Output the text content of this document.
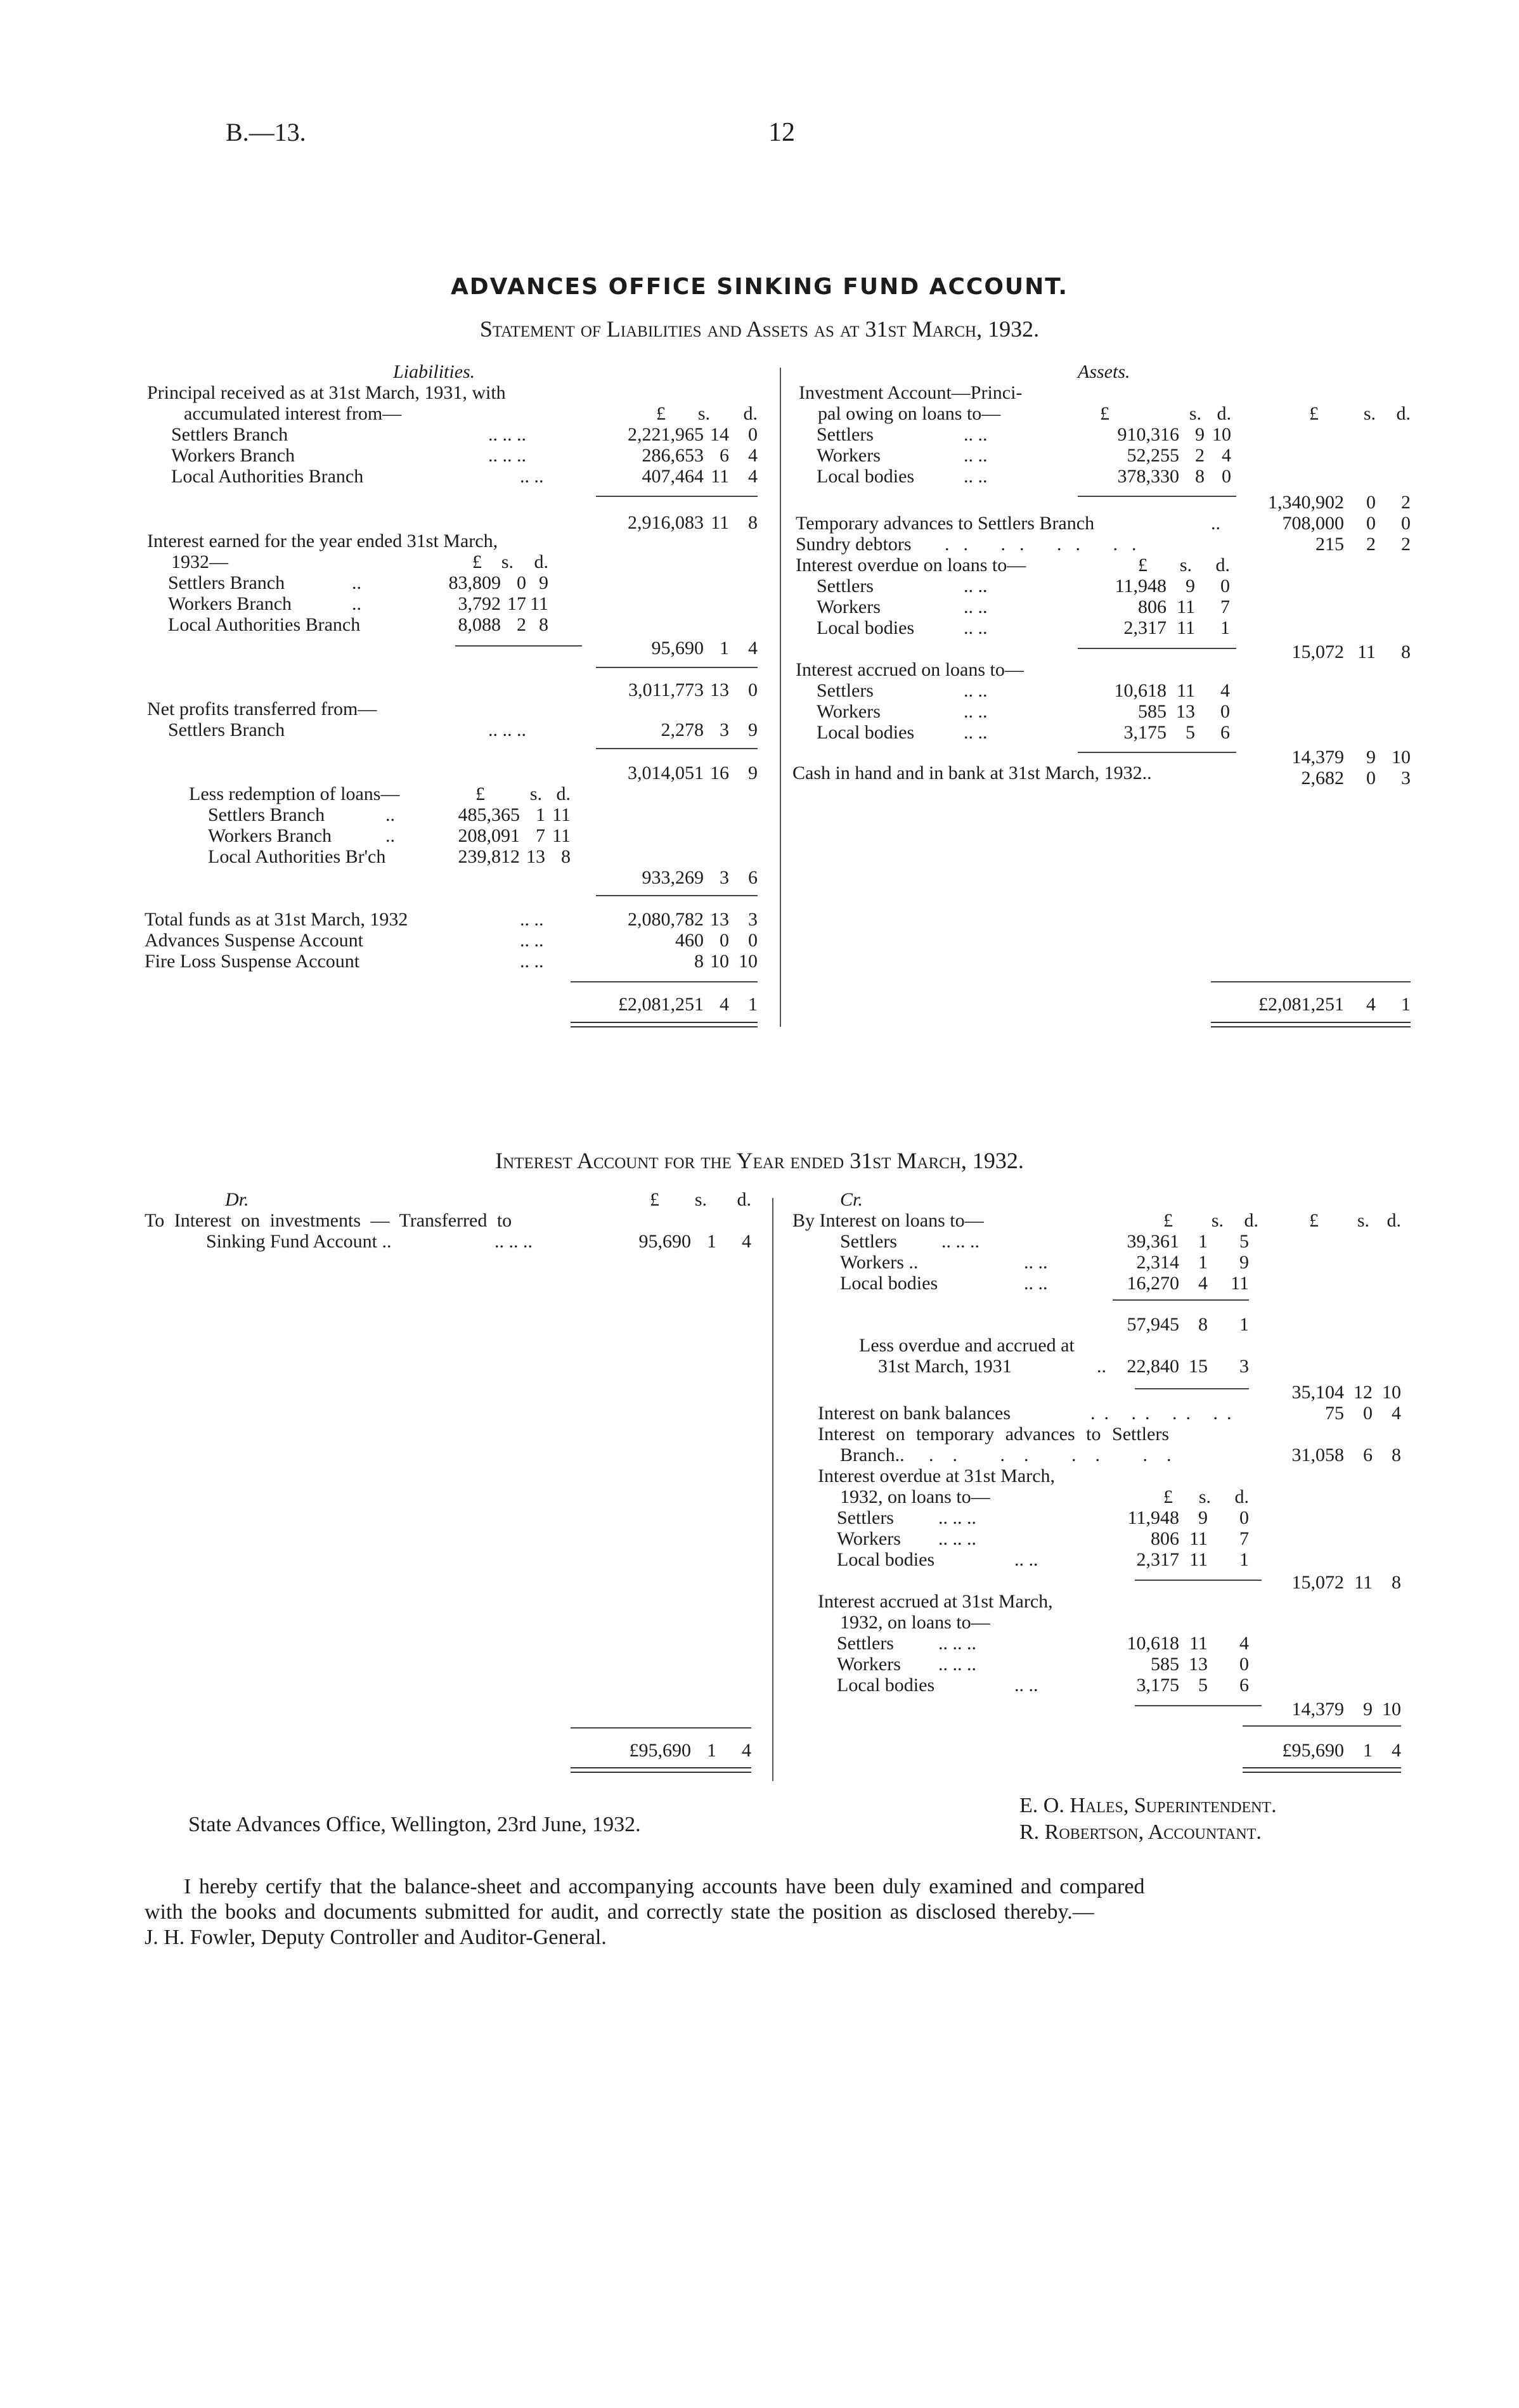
B.—13.	12
ADVANCES OFFICE SINKING FUND ACCOUNT.
Statement of Liabilities and Assets as at 31st March, 1932.
Liabilities.
Principal received as at 31st March, 1931, with
accumulated interest from—	£	s.	d.
Settlers Branch	.. .. ..	2,221,965 14	0
Workers Branch	.. .. ..	286,653 6	4
Local Authorities Branch	.. ..	407,464 11	4
2,916,083 11	8
Interest earned for the year ended 31st March,
1932—	£	s.	d.
Settlers Branch	..	83,809 0 9
Workers Branch	..	3,792 17 11
Local Authorities Branch	8,088 2 8
95,690 1	4
3,011,773 13	0
Net profits transferred from—
Settlers Branch	.. .. ..	2,278 3	9
3,014,051 16	9
Less redemption of loans—	£	s. d.
Settlers Branch	..	485,365 1 11
Workers Branch	..	208,091 7 11
Local Authorities Br'ch	239,812 13 8
933,269 3	6
Total funds as at 31st March, 1932	.. ..	2,080,782 13	3
Advances Suspense Account	.. ..	460 0	0
Fire Loss Suspense Account	.. ..	8 10 10
£2,081,251 4	1
Assets.
Investment Account—Princi-
pal owing on loans to—	£	s. d.	£	s.	d.
Settlers	.. ..	910,316 9 10
Workers	.. ..	52,255 2 4
Local bodies	.. ..	378,330 8 0
1,340,902	0	2
Temporary advances to Settlers Branch	..	708,000	0	0
Sundry debtors .. .. .. ..	215	2	2
Interest overdue on loans to—	£	s.	d.
Settlers	.. ..	11,948	9	0
Workers	.. ..	806 11	7
Local bodies	.. ..	2,317 11	1
15,072 11	8
Interest accrued on loans to—
Settlers	.. ..	10,618 11	4
Workers	.. ..	585 13	0
Local bodies	.. ..	3,175	5	6
14,379	9 10
Cash in hand and in bank at 31st March, 1932..	2,682	0	3
£2,081,251	4	1
Interest Account for the Year ended 31st March, 1932.
Dr.	£	s.	d.
To Interest on investments — Transferred to
Sinking Fund Account ..	.. .. ..	95,690 1	4
£95,690 1	4
Cr.
By Interest on loans to—	£	s.	d.	£	s. d.
Settlers .. .. ..	39,361	1	5
Workers ..	.. ..	2,314	1	9
Local bodies	.. ..	16,270	4	11
57,945	8	1
Less overdue and accrued at
31st March, 1931	..	22,840 15	3
35,104 12 10
Interest on bank balances	.. .. .. ..	75	0	4
Interest on temporary advances to Settlers
Branch.. .. .. .. ..	31,058	6	8
Interest overdue at 31st March,
1932, on loans to—	£	s.	d.
Settlers .. .. ..	11,948	9	0
Workers .. .. ..	806 11	7
Local bodies	.. ..	2,317 11	1
15,072 11	8
Interest accrued at 31st March,
1932, on loans to—
Settlers .. .. ..	10,618 11	4
Workers .. .. ..	585 13	0
Local bodies	.. ..	3,175	5	6
14,379	9 10
£95,690	1	4
State Advances Office, Wellington, 23rd June, 1932.
E. O. Hales, Superintendent.
R. Robertson, Accountant.
I hereby certify that the balance-sheet and accompanying accounts have been duly examined and compared
with the books and documents submitted for audit, and correctly state the position as disclosed thereby.—
J. H. Fowler, Deputy Controller and Auditor-General.
